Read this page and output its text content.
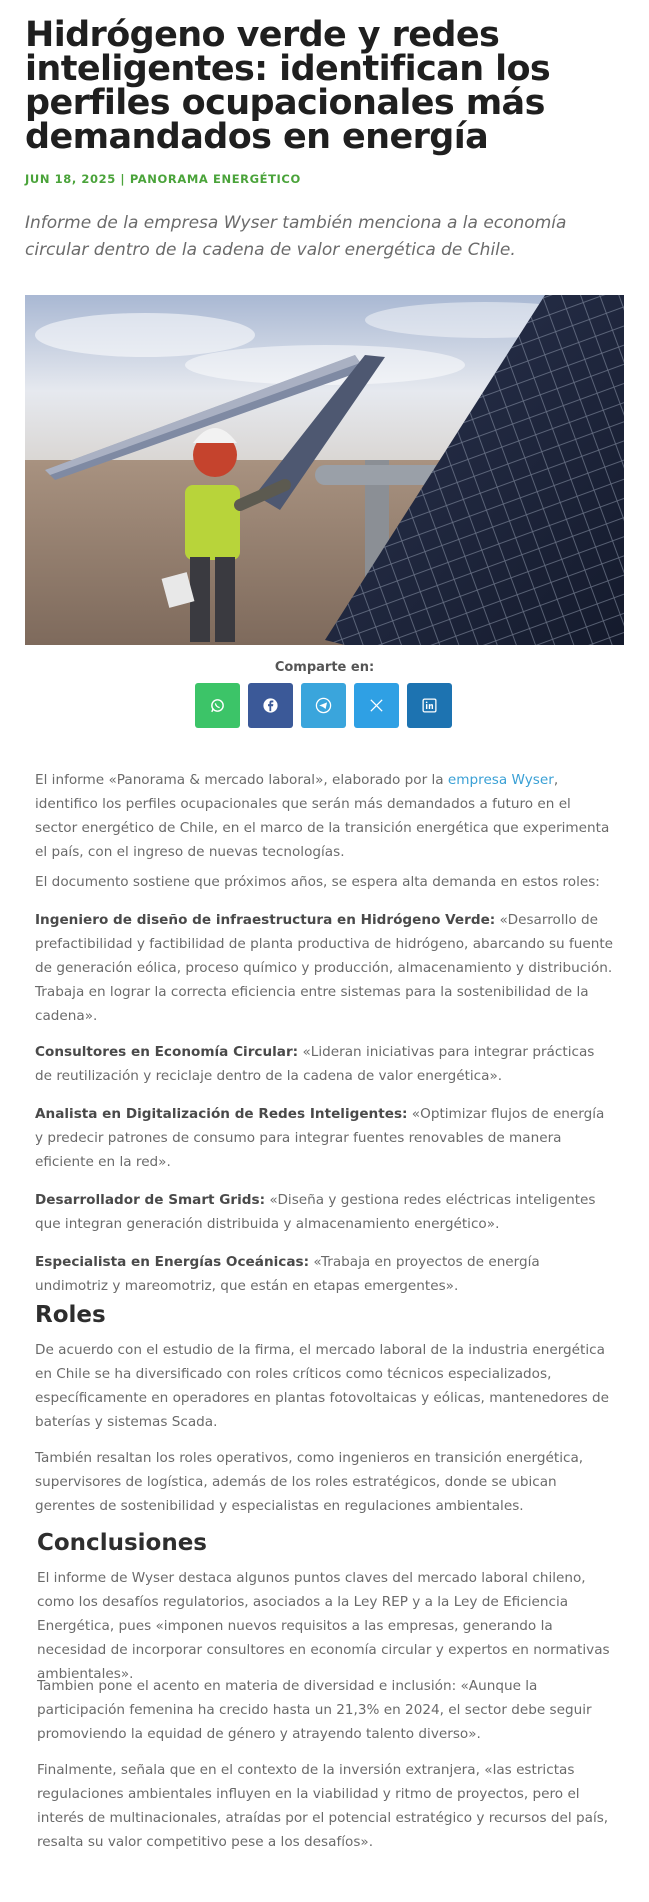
Hidrógeno verde y redes inteligentes: identifican los perfiles ocupacionales más demandados en energía
JUN 18, 2025 | PANORAMA ENERGÉTICO

Informe de la empresa Wyser también menciona a la economía circular dentro de la cadena de valor energética de Chile.

Comparte en:

El informe «Panorama & mercado laboral», elaborado por la empresa Wyser, identifico los perfiles ocupacionales que serán más demandados a futuro en el sector energético de Chile, en el marco de la transición energética que experimenta el país, con el ingreso de nuevas tecnologías.

El documento sostiene que próximos años, se espera alta demanda en estos roles:

Ingeniero de diseño de infraestructura en Hidrógeno Verde: «Desarrollo de prefactibilidad y factibilidad de planta productiva de hidrógeno, abarcando su fuente de generación eólica, proceso químico y producción, almacenamiento y distribución. Trabaja en lograr la correcta eficiencia entre sistemas para la sostenibilidad de la cadena».

Consultores en Economía Circular: «Lideran iniciativas para integrar prácticas de reutilización y reciclaje dentro de la cadena de valor energética».

Analista en Digitalización de Redes Inteligentes: «Optimizar flujos de energía y predecir patrones de consumo para integrar fuentes renovables de manera eficiente en la red».

Desarrollador de Smart Grids: «Diseña y gestiona redes eléctricas inteligentes que integran generación distribuida y almacenamiento energético».

Especialista en Energías Oceánicas: «Trabaja en proyectos de energía undimotriz y mareomotriz, que están en etapas emergentes».

Roles

De acuerdo con el estudio de la firma, el mercado laboral de la industria energética en Chile se ha diversificado con roles críticos como técnicos especializados, específicamente en operadores en plantas fotovoltaicas y eólicas, mantenedores de baterías y sistemas Scada.

También resaltan los roles operativos, como ingenieros en transición energética, supervisores de logística, además de los roles estratégicos, donde se ubican gerentes de sostenibilidad y especialistas en regulaciones ambientales.

Conclusiones

El informe de Wyser destaca algunos puntos claves del mercado laboral chileno, como los desafíos regulatorios, asociados a la Ley REP y a la Ley de Eficiencia Energética, pues «imponen nuevos requisitos a las empresas, generando la necesidad de incorporar consultores en economía circular y expertos en normativas ambientales».

Tambien pone el acento en materia de diversidad e inclusión: «Aunque la participación femenina ha crecido hasta un 21,3% en 2024, el sector debe seguir promoviendo la equidad de género y atrayendo talento diverso».

Finalmente, señala que en el contexto de la inversión extranjera, «las estrictas regulaciones ambientales influyen en la viabilidad y ritmo de proyectos, pero el interés de multinacionales, atraídas por el potencial estratégico y recursos del país, resalta su valor competitivo pese a los desafíos».
